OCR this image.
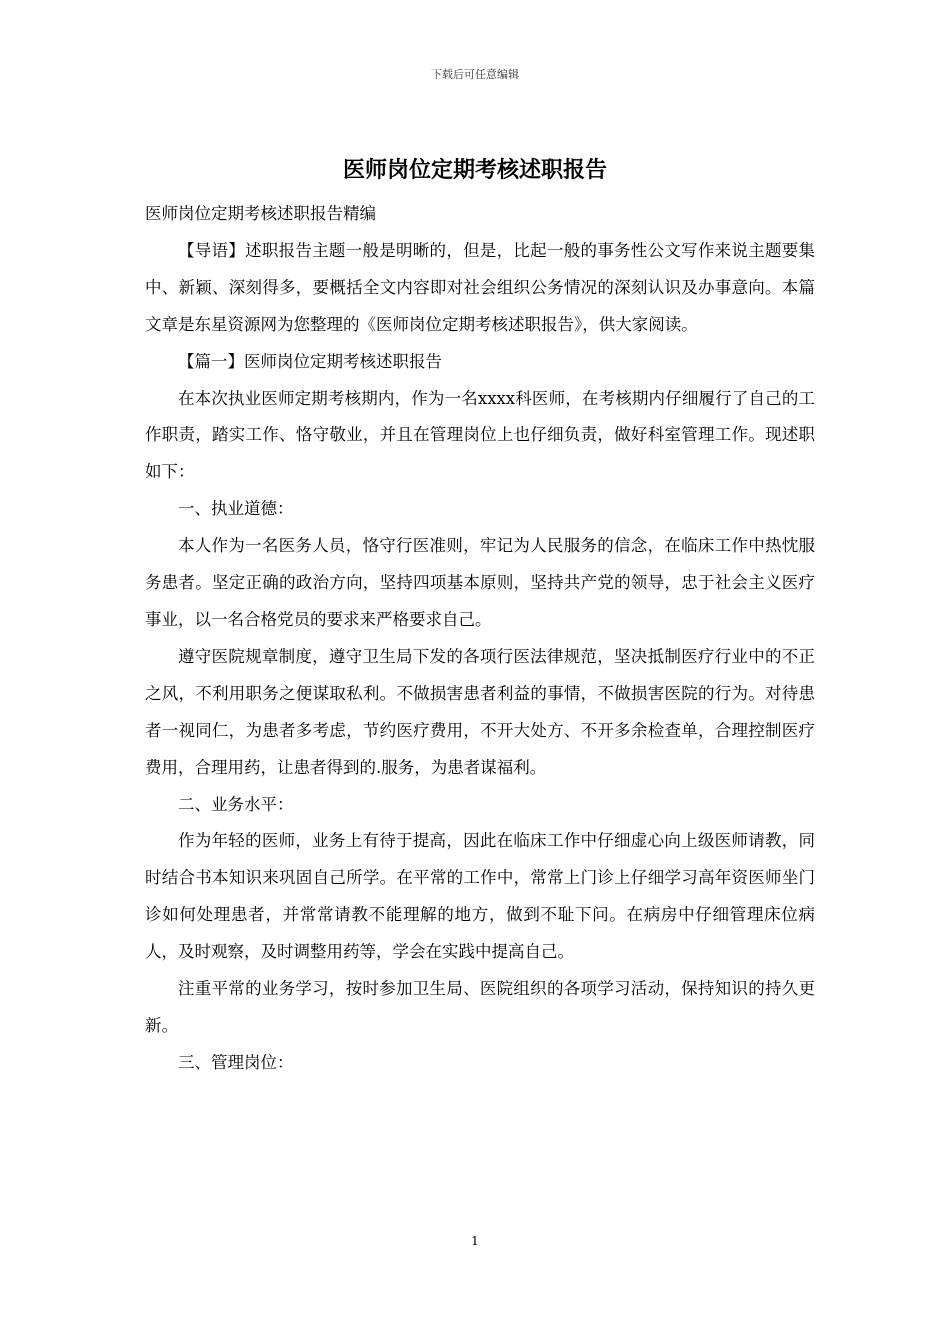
下载后可任意编辑
医师岗位定期考核述职报告

医师岗位定期考核述职报告精编

【导语】述职报告主题一般是明晰的，但是，比起一般的事务性公文写作来说主题要集中、新颖、深刻得多，要概括全文内容即对社会组织公务情况的深刻认识及办事意向。本篇文章是东星资源网为您整理的《医师岗位定期考核述职报告》，供大家阅读。

【篇一】医师岗位定期考核述职报告

在本次执业医师定期考核期内，作为一名xxxx科医师，在考核期内仔细履行了自己的工作职责，踏实工作、恪守敬业，并且在管理岗位上也仔细负责，做好科室管理工作。现述职如下：

一、执业道德：

本人作为一名医务人员，恪守行医准则，牢记为人民服务的信念，在临床工作中热忱服务患者。坚定正确的政治方向，坚持四项基本原则，坚持共产党的领导，忠于社会主义医疗事业，以一名合格党员的要求来严格要求自己。

遵守医院规章制度，遵守卫生局下发的各项行医法律规范，坚决抵制医疗行业中的不正之风，不利用职务之便谋取私利。不做损害患者利益的事情，不做损害医院的行为。对待患者一视同仁，为患者多考虑，节约医疗费用，不开大处方、不开多余检查单，合理控制医疗费用，合理用药，让患者得到的.服务，为患者谋福利。

二、业务水平：

作为年轻的医师，业务上有待于提高，因此在临床工作中仔细虚心向上级医师请教，同时结合书本知识来巩固自己所学。在平常的工作中，常常上门诊上仔细学习高年资医师坐门诊如何处理患者，并常常请教不能理解的地方，做到不耻下问。在病房中仔细管理床位病人，及时观察，及时调整用药等，学会在实践中提高自己。

注重平常的业务学习，按时参加卫生局、医院组织的各项学习活动，保持知识的持久更新。

三、管理岗位：

1
